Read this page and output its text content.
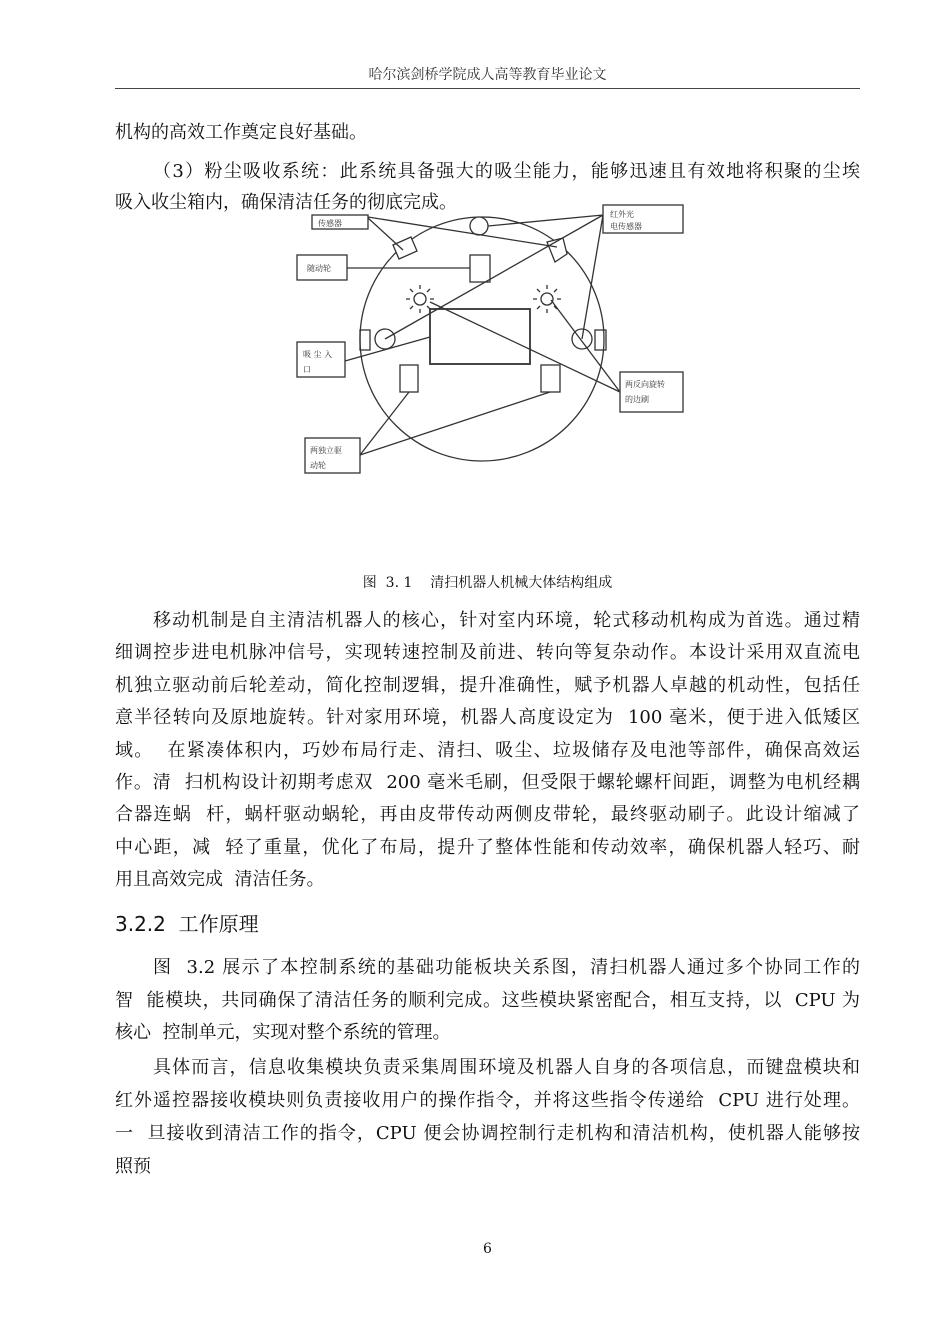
哈尔滨剑桥学院成人高等教育毕业论文
机构的高效工作奠定良好基础。
（3）粉尘吸收系统：此系统具备强大的吸尘能力，能够迅速且有效地将积聚的尘埃
吸入收尘箱内，确保清洁任务的彻底完成。
传感器
红外光
电传感器
随动轮
吸 尘 入
口
两反向旋转
的边刷
两独立驱
动轮
图  3. 1    清扫机器人机械大体结构组成
移动机制是自主清洁机器人的核心，针对室内环境，轮式移动机构成为首选。通过精
细调控步进电机脉冲信号，实现转速控制及前进、转向等复杂动作。本设计采用双直流电
机独立驱动前后轮差动，简化控制逻辑，提升准确性，赋予机器人卓越的机动性，包括任
意半径转向及原地旋转。针对家用环境，机器人高度设定为  100 毫米，便于进入低矮区
域。  在紧凑体积内，巧妙布局行走、清扫、吸尘、垃圾储存及电池等部件，确保高效运
作。清  扫机构设计初期考虑双  200 毫米毛刷，但受限于螺轮螺杆间距，调整为电机经耦
合器连蜗  杆，蜗杆驱动蜗轮，再由皮带传动两侧皮带轮，最终驱动刷子。此设计缩减了
中心距，减  轻了重量，优化了布局，提升了整体性能和传动效率，确保机器人轻巧、耐
用且高效完成  清洁任务。
3.2.2  工作原理
图  3.2 展示了本控制系统的基础功能板块关系图，清扫机器人通过多个协同工作的
智  能模块，共同确保了清洁任务的顺利完成。这些模块紧密配合，相互支持，以  CPU 为
核心  控制单元，实现对整个系统的管理。
具体而言，信息收集模块负责采集周围环境及机器人自身的各项信息，而键盘模块和
红外遥控器接收模块则负责接收用户的操作指令，并将这些指令传递给  CPU 进行处理。
一  旦接收到清洁工作的指令，CPU 便会协调控制行走机构和清洁机构，使机器人能够按
照预
6
